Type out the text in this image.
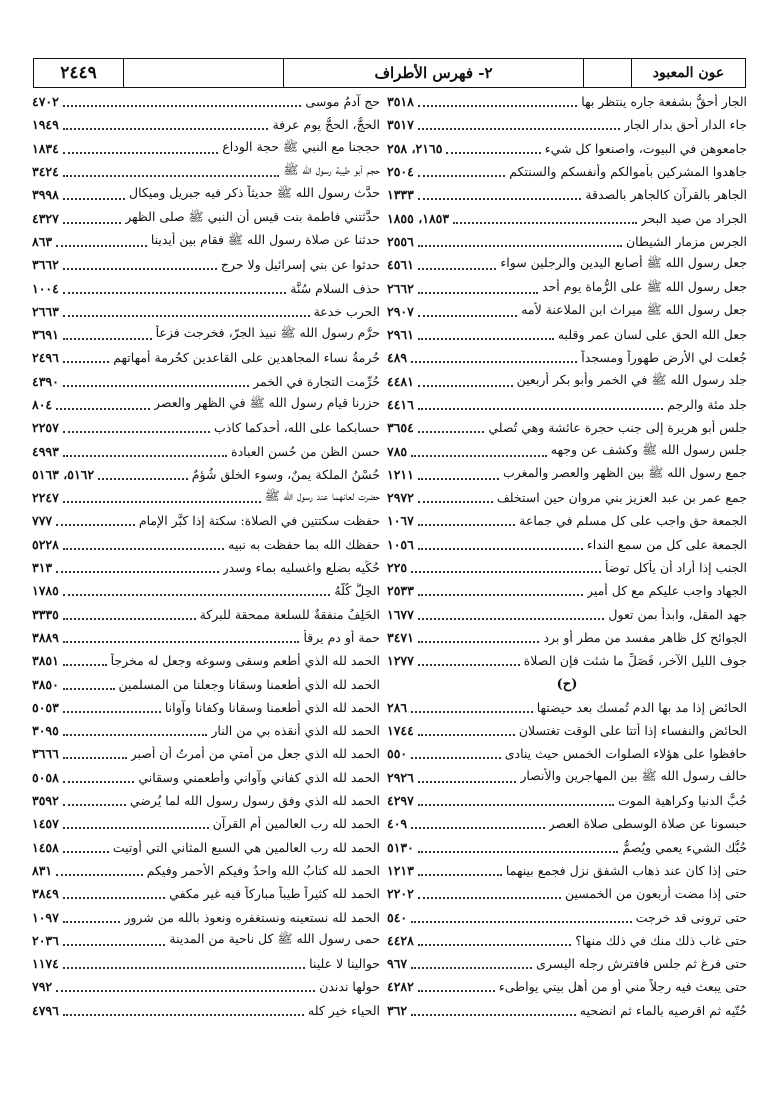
٢٤٤٩	٢- فهرس الأطراف	عون المعبود
الجار أحقُّ بشفعة جاره ينتظر بها
٣٥١٨
جاء الدار أحق بدار الجار
٣٥١٧
جامعوهن في البيوت، واصنعوا كل شيء
٢١٦٥، ٢٥٨
جاهدوا المشركين بأموالكم وأنفسكم والسنتكم
٢٥٠٤
الجاهر بالقرآن كالجاهر بالصدقة
١٣٣٣
الجراد من صيد البحر
١٨٥٣، ١٨٥٥
الجرس مزمار الشيطان
٢٥٥٦
جعل رسول الله ﷺ أصابع اليدين والرجلين سواء
٤٥٦١
جعل رسول الله ﷺ على الرُّماة يوم أحد
٢٦٦٢
جعل رسول الله ﷺ ميراث ابن الملاعنة لأمه
٢٩٠٧
جعل الله الحق على لسان عمر وقلبه
٢٩٦١
جُعلت لي الأرض طهوراً ومسجداً
٤٨٩
جلد رسول الله ﷺ في الخمر وأبو بكر أربعين
٤٤٨١
جلد مئة والرجم
٤٤١٦
جلس أبو هريرة إلى جنب حجرة عائشة وهي تُصلي
٣٦٥٤
جلس رسول الله ﷺ وكشف عن وجهه
٧٨٥
جمع رسول الله ﷺ بين الظهر والعصر والمغرب
١٢١١
جمع عمر بن عبد العزيز بني مروان حين استخلف
٢٩٧٢
الجمعة حق واجب على كل مسلم في جماعة
١٠٦٧
الجمعة على كل من سمع النداء
١٠٥٦
الجنب إذا أراد أن يأكل توضأ
٢٢٥
الجهاد واجب عليكم مع كل أمير
٢٥٣٣
جهد المقل، وابدأ بمن تعول
١٦٧٧
الجوائح كل ظاهر مفسد من مطر أو برد
٣٤٧١
جوف الليل الآخر، فَصَلِّ ما شئت فإن الصلاة
١٢٧٧
(ح)
الحائض إذا مد بها الدم تُمسك بعد حيضتها
٢٨٦
الحائض والنفساء إذا أتتا على الوقت تغتسلان
١٧٤٤
حافظوا على هؤلاء الصلوات الخمس حيث ينادى
٥٥٠
حالف رسول الله ﷺ بين المهاجرين والأنصار
٢٩٢٦
حُبُّ الدنيا وكراهية الموت
٤٢٩٧
حبسونا عن صلاة الوسطى صلاة العصر
٤٠٩
حُبُّك الشيء يعمي ويُصمُّ
٥١٣٠
حتى إذا كان عند ذهاب الشفق نزل فجمع بينهما
١٢١٣
حتى إذا مضت أربعون من الخمسين
٢٢٠٢
حتى ترونى قد خرجت
٥٤٠
حتى غاب ذلك منك في ذلك منها؟
٤٤٢٨
حتى فرغ ثم جلس فافترش رجله اليسرى
٩٦٧
حتى يبعث فيه رجلاً مني أو من أهل بيتي يواطىء
٤٢٨٢
حُتّيه ثم اقرصيه بالماء ثم انضحيه
٣٦٢
حج آدمُ موسى
٤٧٠٢
الحجُّ، الحجُّ يوم عرفة
١٩٤٩
حججنا مع النبي ﷺ حجة الوداع
١٨٣٤
حجم أبو طيبة رسول الله ﷺ
٣٤٢٤
حدَّث رسول الله ﷺ حديثاً ذكر فيه جبريل وميكال
٣٩٩٨
حدَّثتني فاطمة بنت قيس أن النبي ﷺ صلى الظهر
٤٣٢٧
حدثنا عن صلاة رسول الله ﷺ فقام بين أيدينا
٨٦٣
حدثوا عن بني إسرائيل ولا حرج
٣٦٦٢
حذف السلام سُنَّة
١٠٠٤
الحرب خدعة
٢٦٦٣
حرَّم رسول الله ﷺ نبيذ الجرّ، فخرجت فزعاً
٣٦٩١
حُرمةُ نساء المجاهدين على القاعدين كحُرمة أمهاتهم
٢٤٩٦
حُرِّمت التجارة في الخمر
٤٣٩٠
حزرنا قيام رسول الله ﷺ في الظهر والعصر
٨٠٤
حسابكما على الله، أحدكما كاذب
٢٢٥٧
حسن الظن من حُسن العبادة
٤٩٩٣
حُسْنُ الملكة يمنٌ، وسوء الخلق شُؤمٌ
٥١٦٢، ٥١٦٣
حضرت لعانهما عند رسول الله ﷺ
٢٢٤٧
حفظت سكتتين في الصلاة: سكتة إذا كبَّر الإمام
٧٧٧
حفظك الله بما حفظت به نبيه
٥٢٢٨
حُكِّيه بضلع واغسليه بماء وسدر
٣١٣
الحِلُّ كُلُّهُ
١٧٨٥
الحَلِفُ منفقةٌ للسلعة ممحقة للبركة
٣٣٣٥
حمة أو دم يرقأ
٣٨٨٩
الحمد لله الذي أطعم وسقى وسوغه وجعل له مخرجاً
٣٨٥١
الحمد لله الذي أطعمنا وسقانا وجعلنا من المسلمين
٣٨٥٠
الحمد لله الذي أطعمنا وسقانا وكفانا وآوانا
٥٠٥٣
الحمد لله الذي أنقذه بي من النار
٣٠٩٥
الحمد لله الذي جعل من أمتي من أمرتُ أن أصبر
٣٦٦٦
الحمد لله الذي كفاني وآواني وأطعمني وسقاني
٥٠٥٨
الحمد لله الذي وفق رسول رسول الله لما يُرضي
٣٥٩٢
الحمد لله رب العالمين أم القرآن
١٤٥٧
الحمد لله رب العالمين هي السبع المثاني التي أوتيت
١٤٥٨
الحمد لله كتابُ الله واحدٌ وفيكم الأحمر وفيكم
٨٣١
الحمد لله كثيراً طيباً مباركاً فيه غير مكفي
٣٨٤٩
الحمد لله نستعينه ونستغفره ونعوذ بالله من شرور
١٠٩٧
حمى رسول الله ﷺ كل ناحية من المدينة
٢٠٣٦
حوالينا لا علينا
١١٧٤
حولها ندندن
٧٩٢
الحياء خير كله
٤٧٩٦
